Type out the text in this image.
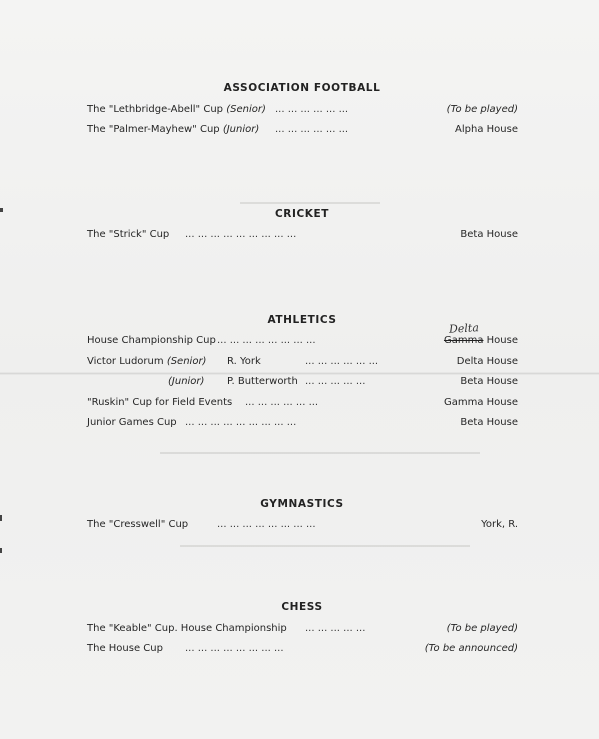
ASSOCIATION FOOTBALL
The "Lethbridge-Abell" Cup (Senior) ... ... ... ... ... ...	(To be played)
The "Palmer-Mayhew" Cup (Junior) ... ... ... ... ... ...	Alpha House
CRICKET
The "Strick" Cup ... ... ... ... ... ... ... ... ...	Beta House
ATHLETICS
Delta
House Championship Cup ... ... ... ... ... ... ... ...	Gamma House
Victor Ludorum (Senior) R. York	... ... ... ... ... ...	Delta House
(Junior) P. Butterworth ... ... ... ... ...	Beta House
"Ruskin" Cup for Field Events ... ... ... ... ... ...	Gamma House
Junior Games Cup ... ... ... ... ... ... ... ... ...	Beta House
GYMNASTICS
The "Cresswell" Cup	... ... ... ... ... ... ... ...	York, R.
CHESS
The "Keable" Cup. House Championship ... ... ... ... ...	(To be played)
The House Cup ... ... ... ... ... ... ... ...	(To be announced)
